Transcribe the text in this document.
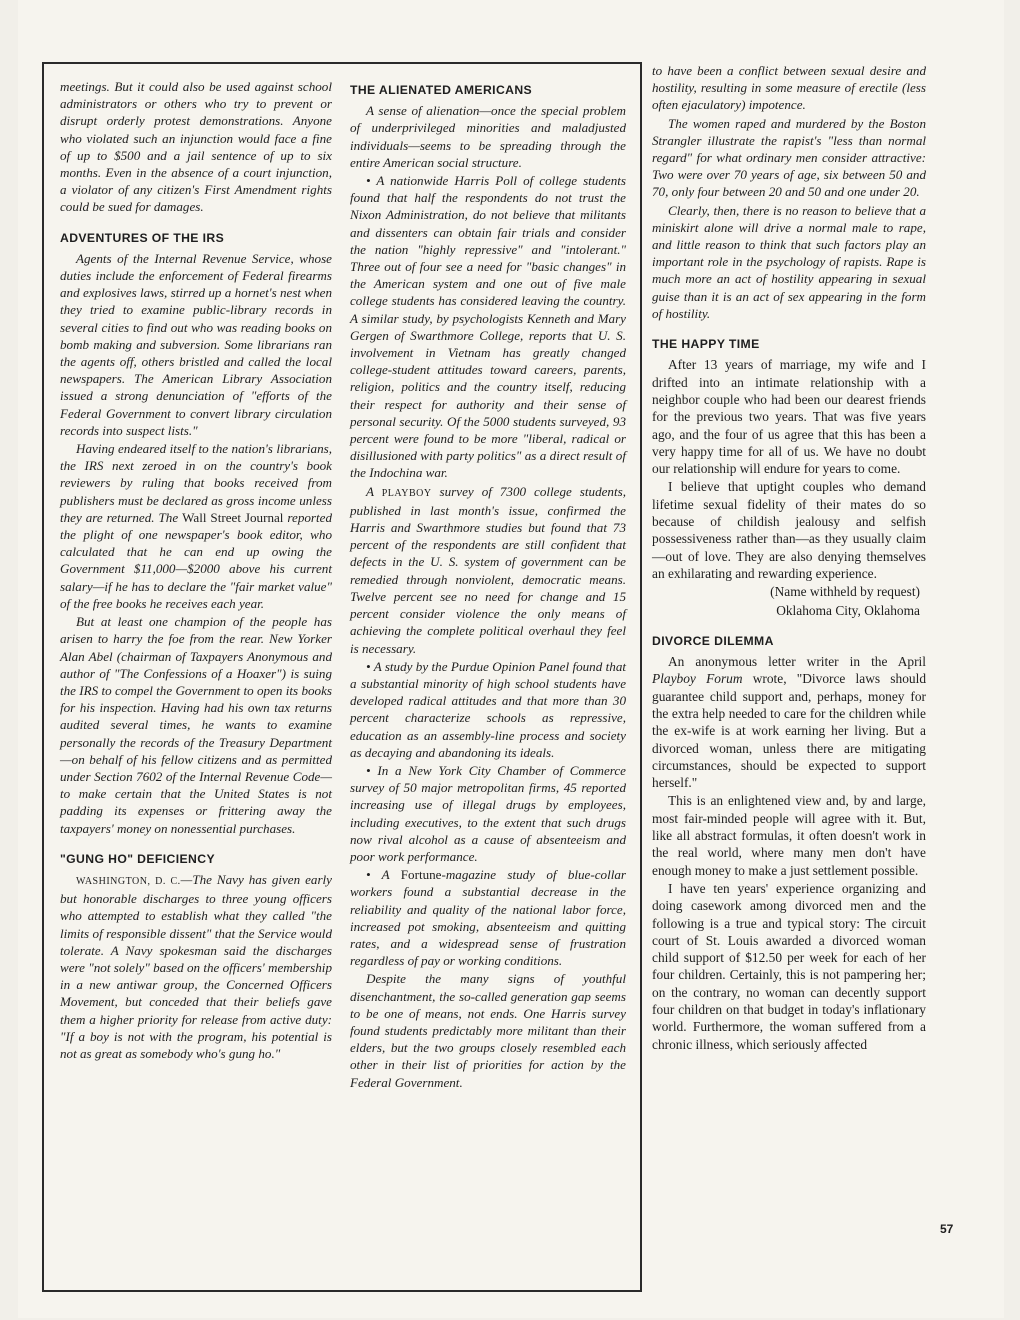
meetings. But it could also be used against school administrators or others who try to prevent or disrupt orderly protest demonstrations. Anyone who violated such an injunction would face a fine of up to $500 and a jail sentence of up to six months. Even in the absence of a court injunction, a violator of any citizen's First Amendment rights could be sued for damages.

ADVENTURES OF THE IRS

Agents of the Internal Revenue Service, whose duties include the enforcement of Federal firearms and explosives laws, stirred up a hornet's nest when they tried to examine public-library records in several cities to find out who was reading books on bomb making and subversion. Some librarians ran the agents off, others bristled and called the local newspapers. The American Library Association issued a strong denunciation of "efforts of the Federal Government to convert library circulation records into suspect lists."

Having endeared itself to the nation's librarians, the IRS next zeroed in on the country's book reviewers by ruling that books received from publishers must be declared as gross income unless they are returned. The Wall Street Journal reported the plight of one newspaper's book editor, who calculated that he can end up owing the Government $11,000—$2000 above his current salary—if he has to declare the "fair market value" of the free books he receives each year.

But at least one champion of the people has arisen to harry the foe from the rear. New Yorker Alan Abel (chairman of Taxpayers Anonymous and author of "The Confessions of a Hoaxer") is suing the IRS to compel the Government to open its books for his inspection. Having had his own tax returns audited several times, he wants to examine personally the records of the Treasury Department —on behalf of his fellow citizens and as permitted under Section 7602 of the Internal Revenue Code—to make certain that the United States is not padding its expenses or frittering away the taxpayers' money on nonessential purchases.

"GUNG HO" DEFICIENCY

WASHINGTON, D. C.—The Navy has given early but honorable discharges to three young officers who attempted to establish what they called "the limits of responsible dissent" that the Service would tolerate. A Navy spokesman said the discharges were "not solely" based on the officers' membership in a new antiwar group, the Concerned Officers Movement, but conceded that their beliefs gave them a higher priority for release from active duty: "If a boy is not with the program, his potential is not as great as somebody who's gung ho."

THE ALIENATED AMERICANS

A sense of alienation—once the special problem of underprivileged minorities and maladjusted individuals—seems to be spreading through the entire American social structure.

• A nationwide Harris Poll of college students found that half the respondents do not trust the Nixon Administration, do not believe that militants and dissenters can obtain fair trials and consider the nation "highly repressive" and "intolerant." Three out of four see a need for "basic changes" in the American system and one out of five male college students has considered leaving the country. A similar study, by psychologists Kenneth and Mary Gergen of Swarthmore College, reports that U. S. involvement in Vietnam has greatly changed college-student attitudes toward careers, parents, religion, politics and the country itself, reducing their respect for authority and their sense of personal security. Of the 5000 students surveyed, 93 percent were found to be more "liberal, radical or disillusioned with party politics" as a direct result of the Indochina war.

A PLAYBOY survey of 7300 college students, published in last month's issue, confirmed the Harris and Swarthmore studies but found that 73 percent of the respondents are still confident that defects in the U. S. system of government can be remedied through nonviolent, democratic means. Twelve percent see no need for change and 15 percent consider violence the only means of achieving the complete political overhaul they feel is necessary.

• A study by the Purdue Opinion Panel found that a substantial minority of high school students have developed radical attitudes and that more than 30 percent characterize schools as repressive, education as an assembly-line process and society as decaying and abandoning its ideals.

• In a New York City Chamber of Commerce survey of 50 major metropolitan firms, 45 reported increasing use of illegal drugs by employees, including executives, to the extent that such drugs now rival alcohol as a cause of absenteeism and poor work performance.

• A Fortune-magazine study of blue-collar workers found a substantial decrease in the reliability and quality of the national labor force, increased pot smoking, absenteeism and quitting rates, and a widespread sense of frustration regardless of pay or working conditions.

Despite the many signs of youthful disenchantment, the so-called generation gap seems to be one of means, not ends. One Harris survey found students predictably more militant than their elders, but the two groups closely resembled each other in their list of priorities for action by the Federal Government.

to have been a conflict between sexual desire and hostility, resulting in some measure of erectile (less often ejaculatory) impotence.

The women raped and murdered by the Boston Strangler illustrate the rapist's "less than normal regard" for what ordinary men consider attractive: Two were over 70 years of age, six between 50 and 70, only four between 20 and 50 and one under 20.

Clearly, then, there is no reason to believe that a miniskirt alone will drive a normal male to rape, and little reason to think that such factors play an important role in the psychology of rapists. Rape is much more an act of hostility appearing in sexual guise than it is an act of sex appearing in the form of hostility.

THE HAPPY TIME

After 13 years of marriage, my wife and I drifted into an intimate relationship with a neighbor couple who had been our dearest friends for the previous two years. That was five years ago, and the four of us agree that this has been a very happy time for all of us. We have no doubt our relationship will endure for years to come.

I believe that uptight couples who demand lifetime sexual fidelity of their mates do so because of childish jealousy and selfish possessiveness rather than—as they usually claim—out of love. They are also denying themselves an exhilarating and rewarding experience.

(Name withheld by request)

Oklahoma City, Oklahoma

DIVORCE DILEMMA

An anonymous letter writer in the April Playboy Forum wrote, "Divorce laws should guarantee child support and, perhaps, money for the extra help needed to care for the children while the ex-wife is at work earning her living. But a divorced woman, unless there are mitigating circumstances, should be expected to support herself."

This is an enlightened view and, by and large, most fair-minded people will agree with it. But, like all abstract formulas, it often doesn't work in the real world, where many men don't have enough money to make a just settlement possible.

I have ten years' experience organizing and doing casework among divorced men and the following is a true and typical story: The circuit court of St. Louis awarded a divorced woman child support of $12.50 per week for each of her four children. Certainly, this is not pampering her; on the contrary, no woman can decently support four children on that budget in today's inflationary world. Furthermore, the woman suffered from a chronic illness, which seriously affected

57
